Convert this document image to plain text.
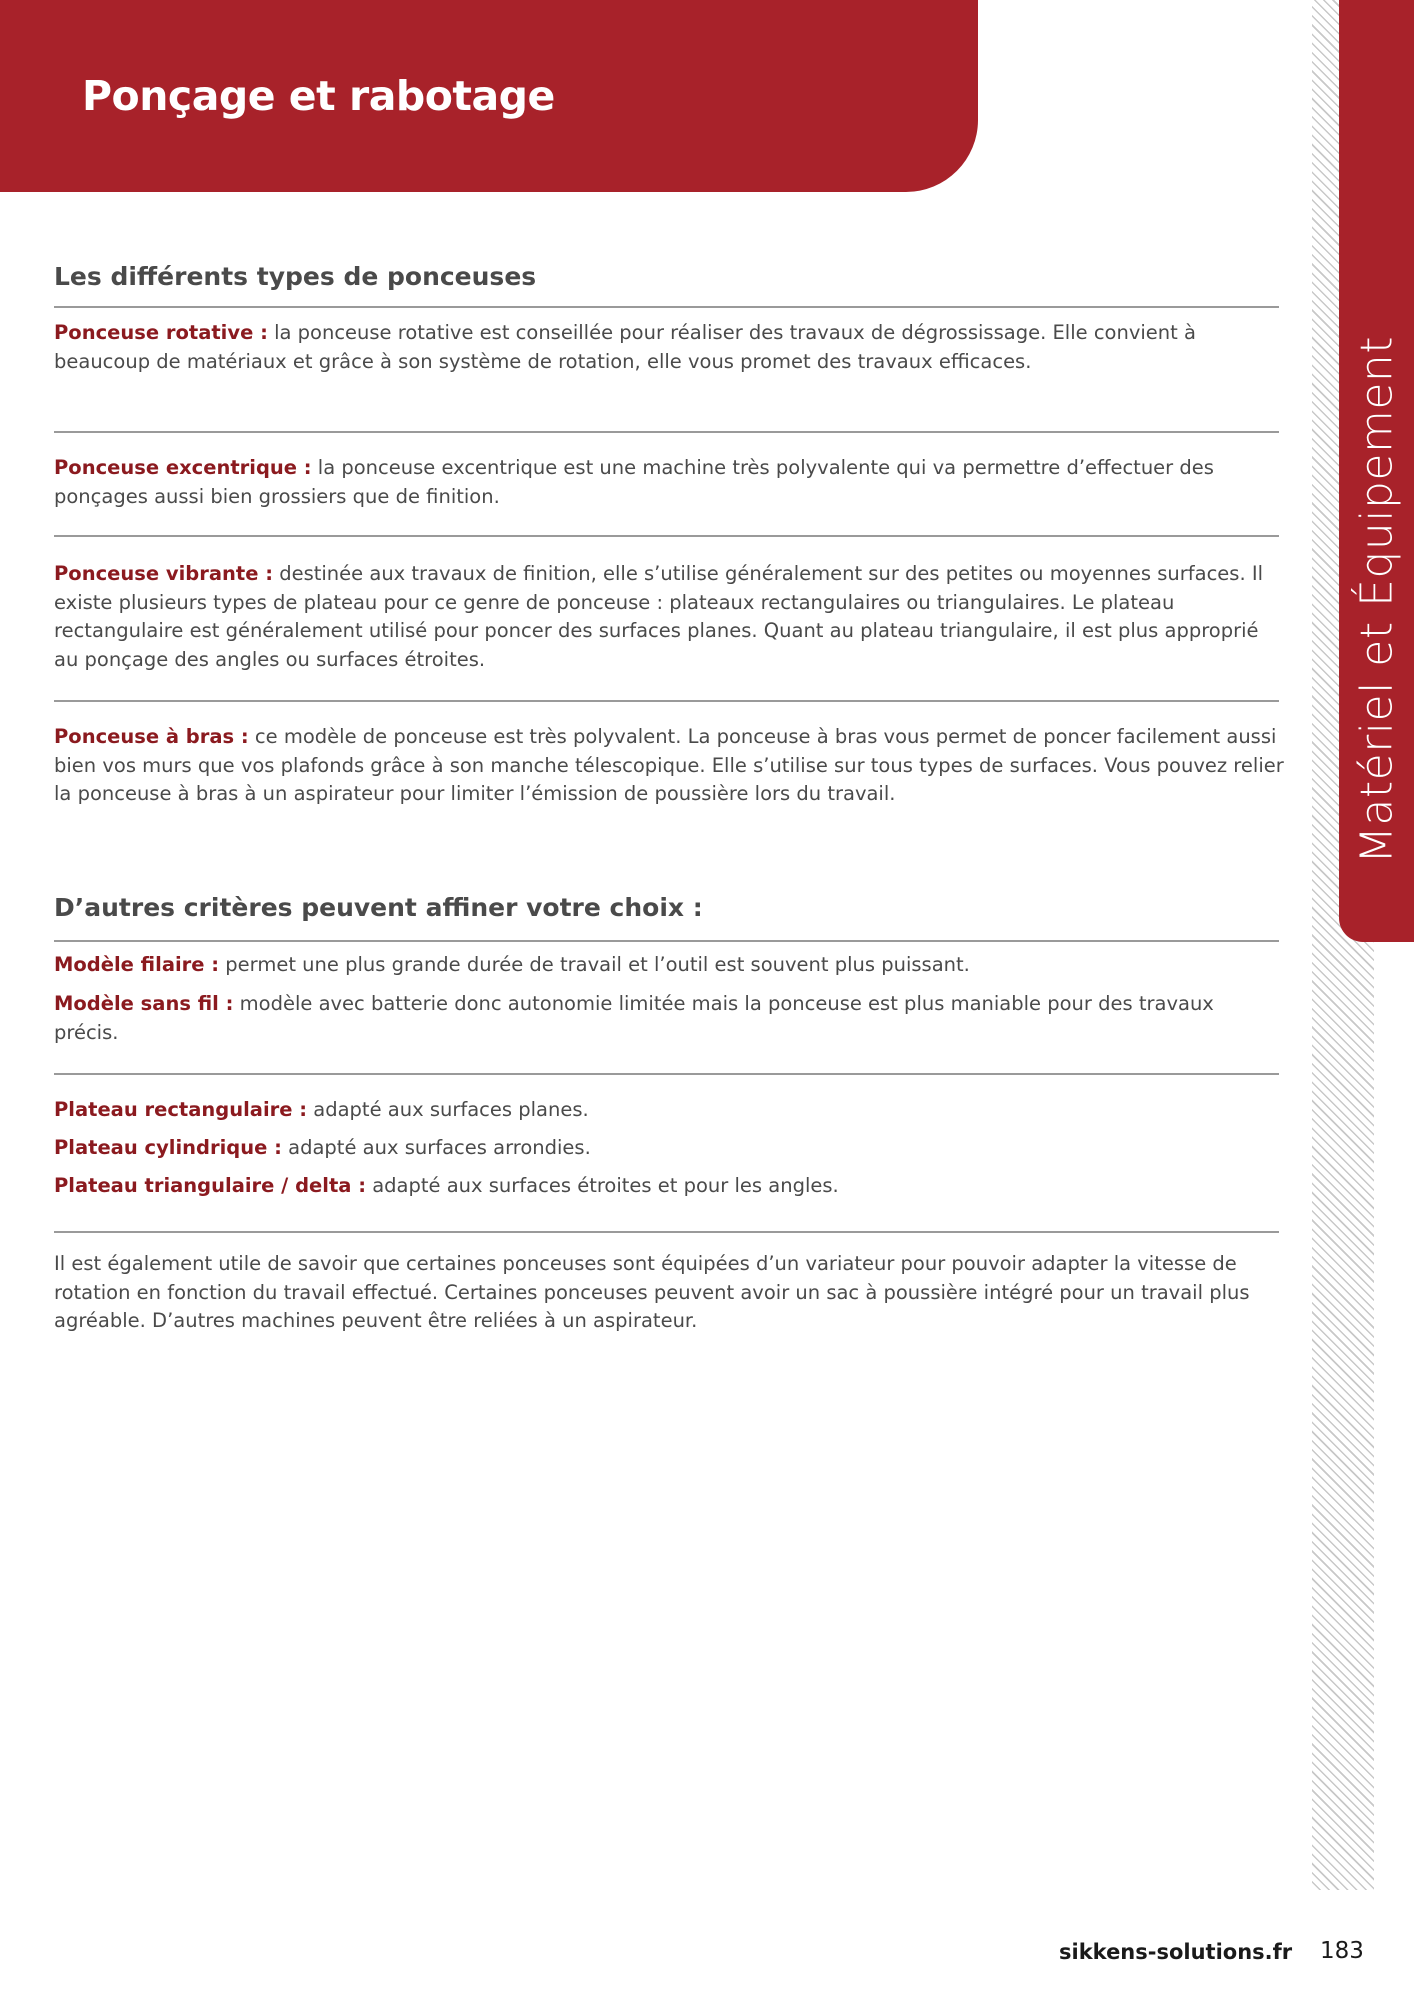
Ponçage et rabotage
Matériel et Équipement
Les différents types de ponceuses
Ponceuse rotative : la ponceuse rotative est conseillée pour réaliser des travaux de dégrossissage. Elle convient à beaucoup de matériaux et grâce à son système de rotation, elle vous promet des travaux efficaces.
Ponceuse excentrique : la ponceuse excentrique est une machine très polyvalente qui va permettre d’effectuer des ponçages aussi bien grossiers que de finition.
Ponceuse vibrante : destinée aux travaux de finition, elle s’utilise généralement sur des petites ou moyennes surfaces. Il existe plusieurs types de plateau pour ce genre de ponceuse : plateaux rectangulaires ou triangulaires. Le plateau rectangulaire est généralement utilisé pour poncer des surfaces planes. Quant au plateau triangulaire, il est plus approprié au ponçage des angles ou surfaces étroites.
Ponceuse à bras : ce modèle de ponceuse est très polyvalent. La ponceuse à bras vous permet de poncer facilement aussi bien vos murs que vos plafonds grâce à son manche télescopique. Elle s’utilise sur tous types de surfaces. Vous pouvez relier la ponceuse à bras à un aspirateur pour limiter l’émission de poussière lors du travail.
D’autres critères peuvent affiner votre choix :
Modèle filaire : permet une plus grande durée de travail et l’outil est souvent plus puissant.
Modèle sans fil : modèle avec batterie donc autonomie limitée mais la ponceuse est plus maniable pour des travaux précis.
Plateau rectangulaire : adapté aux surfaces planes.
Plateau cylindrique : adapté aux surfaces arrondies.
Plateau triangulaire / delta : adapté aux surfaces étroites et pour les angles.
Il est également utile de savoir que certaines ponceuses sont équipées d’un variateur pour pouvoir adapter la vitesse de rotation en fonction du travail effectué. Certaines ponceuses peuvent avoir un sac à poussière intégré pour un travail plus agréable. D’autres machines peuvent être reliées à un aspirateur.
sikkens-solutions.fr 183
